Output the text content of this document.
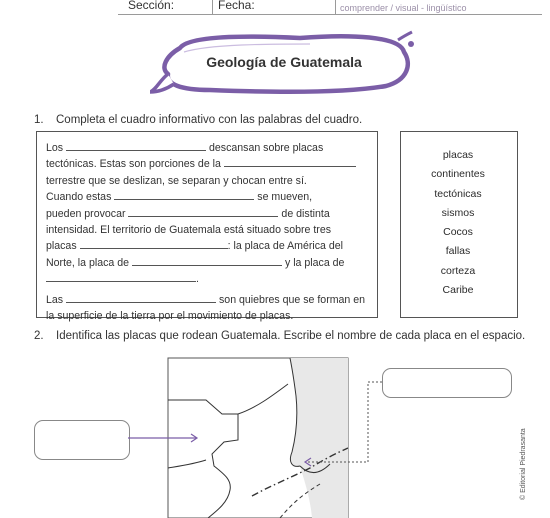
Sección:	Fecha:	comprender / visual - lingüístico
Geología de Guatemala
1. Completa el cuadro informativo con las palabras del cuadro.
Los	descansan sobre placas
tectónicas. Estas son porciones de la
terrestre que se deslizan, se separan y chocan entre sí.
Cuando estas	se mueven,
pueden provocar	de distinta
intensidad. El territorio de Guatemala está situado sobre tres
placas	: la placa de América del
Norte, la placa de	y la placa de
.
Las	son quiebres que se forman en
la superficie de la tierra por el movimiento de placas.
placas
continentes
tectónicas
sismos
Cocos
fallas
corteza
Caribe
2. Identifica las placas que rodean Guatemala. Escribe el nombre de cada placa en el espacio.
© Editorial Piedrasanta
